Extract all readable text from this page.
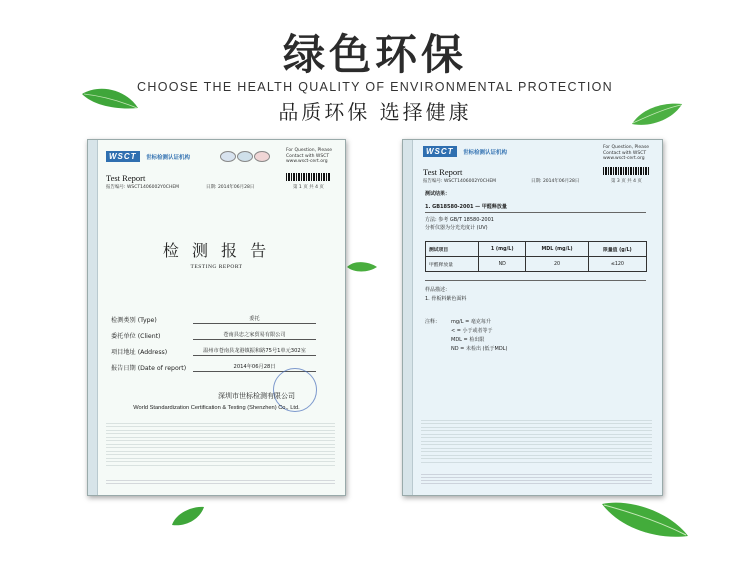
绿色环保
CHOOSE THE HEALTH QUALITY OF ENVIRONMENTAL PROTECTION
品质环保 选择健康
WSCT	世标检测认证机构
For Question, Please Contact with WSCT www.wsct-cert.org
Test Report
报告编号: WSCT1406002Y0CHEM	日期: 2014年06月28日	第 1 页 共 4 页
检 测 报 告
TESTING REPORT
检测类别 (Type)	委托
委托单位 (Client)	苍南县忠之家贸易有限公司
项目地址 (Address)	温州市苍南县龙港镇振和路75号1单元302室
报告日期 (Date of report)	2014年06月28日
深圳市世标检测有限公司
World Standardization Certification & Testing (Shenzhen) Co., Ltd.
WSCT	世标检测认证机构
For Question, Please Contact with WSCT www.wsct-cert.org
Test Report
报告编号: WSCT1406002Y0CHEM	日期: 2014年06月28日	第 3 页 共 4 页
测试结果：
1. GB18580-2001 — 甲醛释放量
方法: 参考 GB/T 18580-2001
分析仪器为分光光度计 (UV)
测试项目	1 (mg/L)	MDL (mg/L)	限量值 (g/L)
甲醛释放量	ND	20	≤120
样品描述：
1. 骨板料紫色面料
注释： mg/L = 毫克每升
< = 小于或者等于
MDL = 检出限
ND = 未检出 (低于MDL)
